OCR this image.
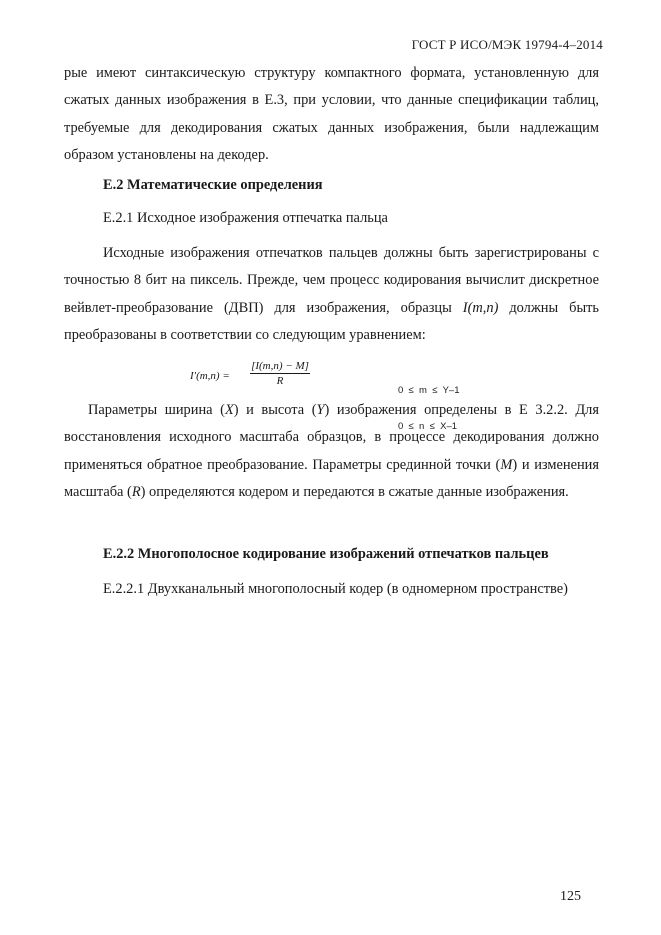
ГОСТ Р ИСО/МЭК 19794-4–2014
рые имеют синтаксическую структуру компактного формата, установленную для сжатых данных изображения в Е.3, при условии, что данные спецификации таблиц, требуемые для декодирования сжатых данных изображения, были надлежащим образом установлены на декодер.
Е.2 Математические определения
Е.2.1 Исходное изображения отпечатка пальца
Исходные изображения отпечатков пальцев должны быть зарегистрированы с точностью 8 бит на пиксель. Прежде, чем процесс кодирования вычислит дискретное вейвлет-преобразование (ДВП) для изображения, образцы I(m,n) должны быть преобразованы в соответствии со следующим уравнением:
$I'(m,n) = \frac{[I(m,n) - M]}{R}$

0  ≤  m  ≤  Y–1

0  ≤  n  ≤  X–1

Параметры ширина (X) и высота (Y) изображения определены в Е 3.2.2. Для восстановления исходного масштаба образцов, в процессе декодирования должно применяться обратное преобразование. Параметры срединной точки (M) и изменения масштаба (R) определяются кодером и передаются в сжатые данные изображения.
Е.2.2 Многополосное кодирование изображений отпечатков пальцев
Е.2.2.1 Двухканальный многополосный кодер (в одномерном пространстве)
125
